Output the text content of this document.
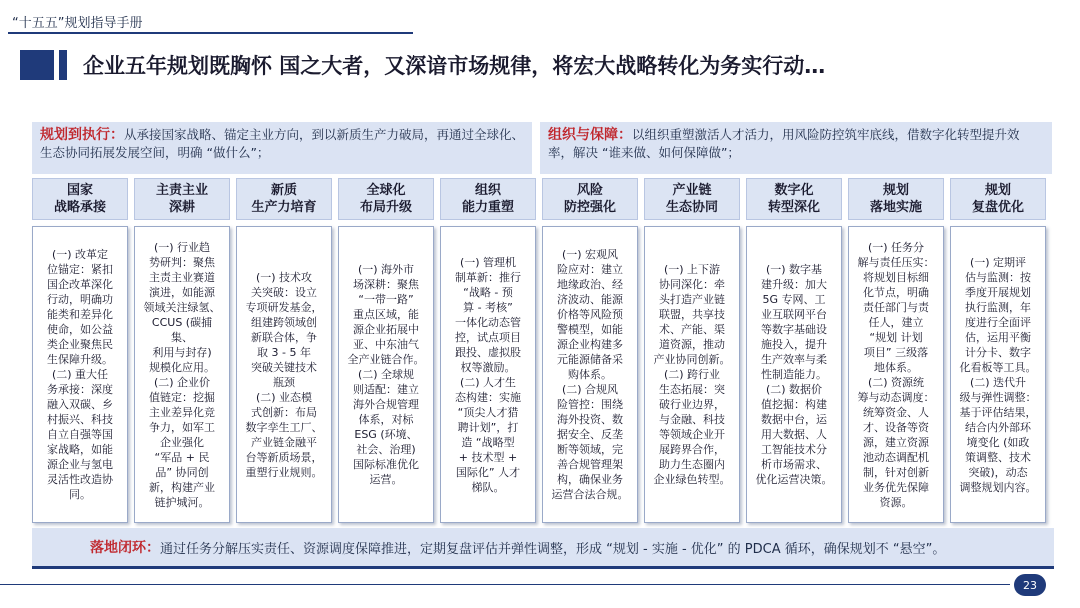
“十五五”规划指导手册
企业五年规划既胸怀 国之大者，又深谙市场规律，将宏大战略转化为务实行动…
规划到执行：从承接国家战略、锚定主业方向，到以新质生产力破局，再通过全球化、生态协同拓展发展空间，明确 “做什么”；
组织与保障：以组织重塑激活人才活力，用风险防控筑牢底线，借数字化转型提升效率，解决 “谁来做、如何保障做”；
国家
战略承接
(一) 改革定
位锚定：紧扣
国企改革深化
行动，明确功
能类和差异化
使命，如公益
类企业聚焦民
生保障升级。
(二) 重大任
务承接：深度
融入双碳、乡
村振兴、科技
自立自强等国
家战略，如能
源企业与氢电
灵活性改造协
同。
主责主业
深耕
(一) 行业趋
势研判：聚焦
主责主业赛道
演进，如能源
领域关注绿氢、
CCUS (碳捕集、
利用与封存)
规模化应用。
(二) 企业价
值链定：挖掘
主业差异化竞
争力，如军工
企业强化
“军品 + 民
品” 协同创
新，构建产业
链护城河。
新质
生产力培育
(一) 技术攻
关突破：设立
专项研发基金，
组建跨领域创
新联合体，争
取 3 - 5 年
突破关键技术
瓶颈
(二) 业态模
式创新：布局
数字孪生工厂、
产业链金融平
台等新质场景，
重塑行业规则。
全球化
布局升级
(一) 海外市
场深耕：聚焦
“一带一路”
重点区域，能
源企业拓展中
亚、中东油气
全产业链合作。
(二) 全球规
则适配：建立
海外合规管理
体系，对标
ESG (环境、
社会、治理)
国际标准优化
运营。
组织
能力重塑
(一) 管理机
制革新：推行
“战略 - 预
算 - 考核”
一体化动态管
控，试点项目
跟投、虚拟股
权等激励。
(二) 人才生
态构建：实施
“顶尖人才猎
聘计划”，打
造 “战略型
+ 技术型 +
国际化” 人才
梯队。
风险
防控强化
(一) 宏观风
险应对：建立
地缘政治、经
济波动、能源
价格等风险预
警模型，如能
源企业构建多
元能源储备采
购体系。
(二) 合规风
险管控：围绕
海外投资、数
据安全、反垄
断等领域，完
善合规管理架
构，确保业务
运营合法合规。
产业链
生态协同
(一) 上下游
协同深化：牵
头打造产业链
联盟，共享技
术、产能、渠
道资源，推动
产业协同创新。
(二) 跨行业
生态拓展：突
破行业边界，
与金融、科技
等领域企业开
展跨界合作，
助力生态圈内
企业绿色转型。
数字化
转型深化
(一) 数字基
建升级：加大
5G 专网、工
业互联网平台
等数字基础设
施投入，提升
生产效率与柔
性制造能力。
(二) 数据价
值挖掘：构建
数据中台，运
用大数据、人
工智能技术分
析市场需求、
优化运营决策。
规划
落地实施
(一) 任务分
解与责任压实：
将规划目标细
化节点，明确
责任部门与责
任人，建立
“规划 计划
项目” 三级落
地体系。
(二) 资源统
筹与动态调度：
统筹资金、人
才、设备等资
源，建立资源
池动态调配机
制，针对创新
业务优先保障
资源。
规划
复盘优化
(一) 定期评
估与监测：按
季度开展规划
执行监测，年
度进行全面评
估，运用平衡
计分卡、数字
化看板等工具。
(二) 迭代升
级与弹性调整：
基于评估结果，
结合内外部环
境变化 (如政
策调整、技术
突破)，动态
调整规划内容。
落地闭环： 通过任务分解压实责任、资源调度保障推进，定期复盘评估并弹性调整，形成 “规划 - 实施 - 优化” 的 PDCA 循环，确保规划不 “悬空”。
23
